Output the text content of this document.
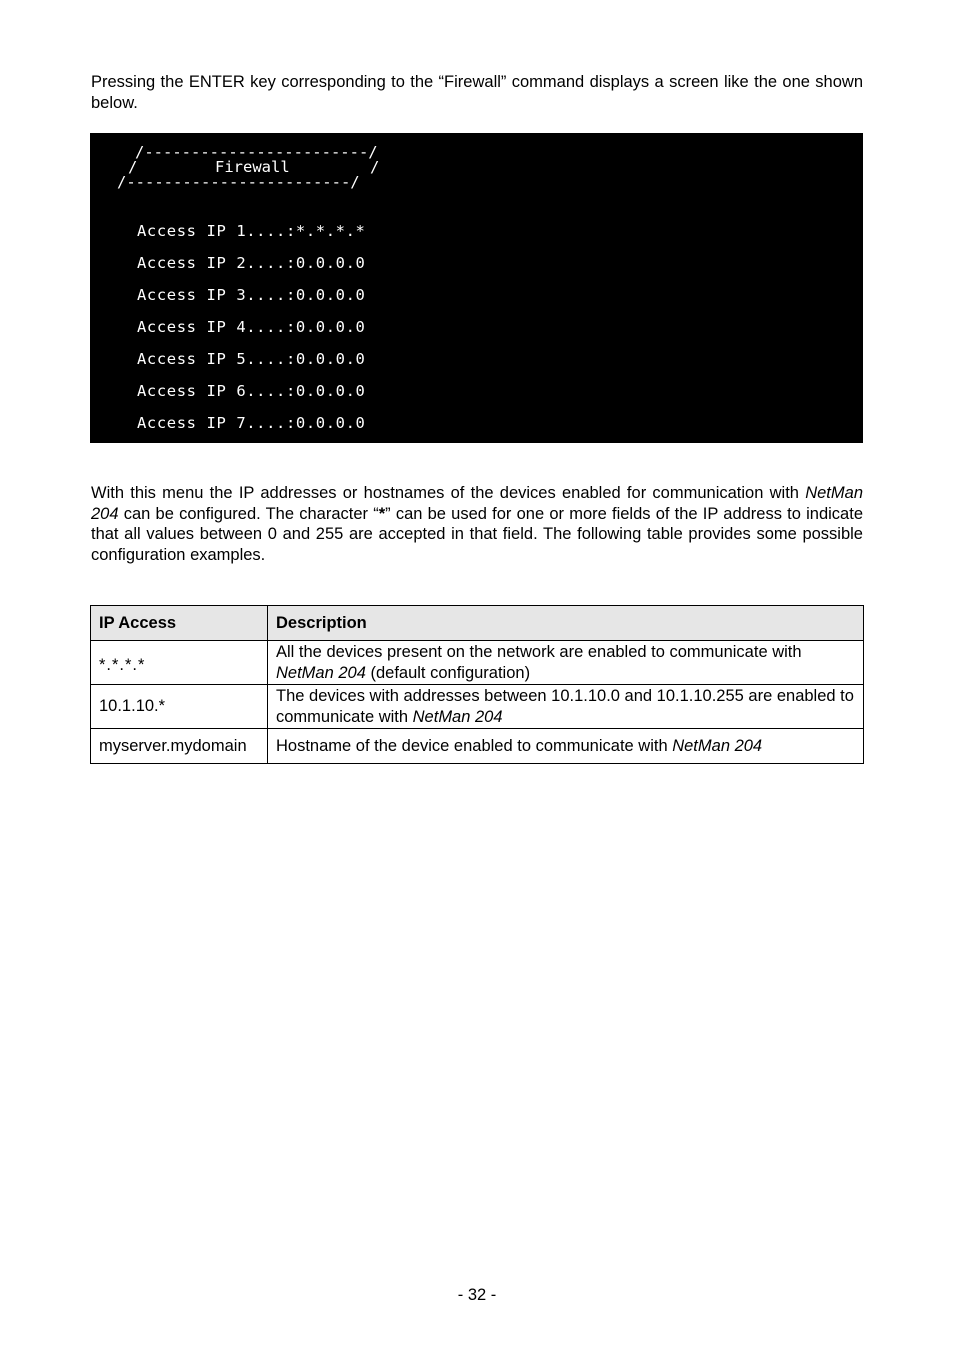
Pressing the ENTER key corresponding to the “Firewall” command displays a screen like the one shown below.

/------------------------/
/	Firewall	/
/------------------------/
Access IP 1....:*.*.*.*
Access IP 2....:0.0.0.0
Access IP 3....:0.0.0.0
Access IP 4....:0.0.0.0
Access IP 5....:0.0.0.0
Access IP 6....:0.0.0.0
Access IP 7....:0.0.0.0

With this menu the IP addresses or hostnames of the devices enabled for communication with NetMan 204 can be configured. The character “*” can be used for one or more fields of the IP address to indicate that all values between 0 and 255 are accepted in that field. The following table provides some possible configuration examples.

IP Access	Description
*.*.*.*	All the devices present on the network are enabled to communicate with NetMan 204 (default configuration)
10.1.10.*	The devices with addresses between 10.1.10.0 and 10.1.10.255 are enabled to communicate with NetMan 204
myserver.mydomain	Hostname of the device enabled to communicate with NetMan 204
- 32 -
